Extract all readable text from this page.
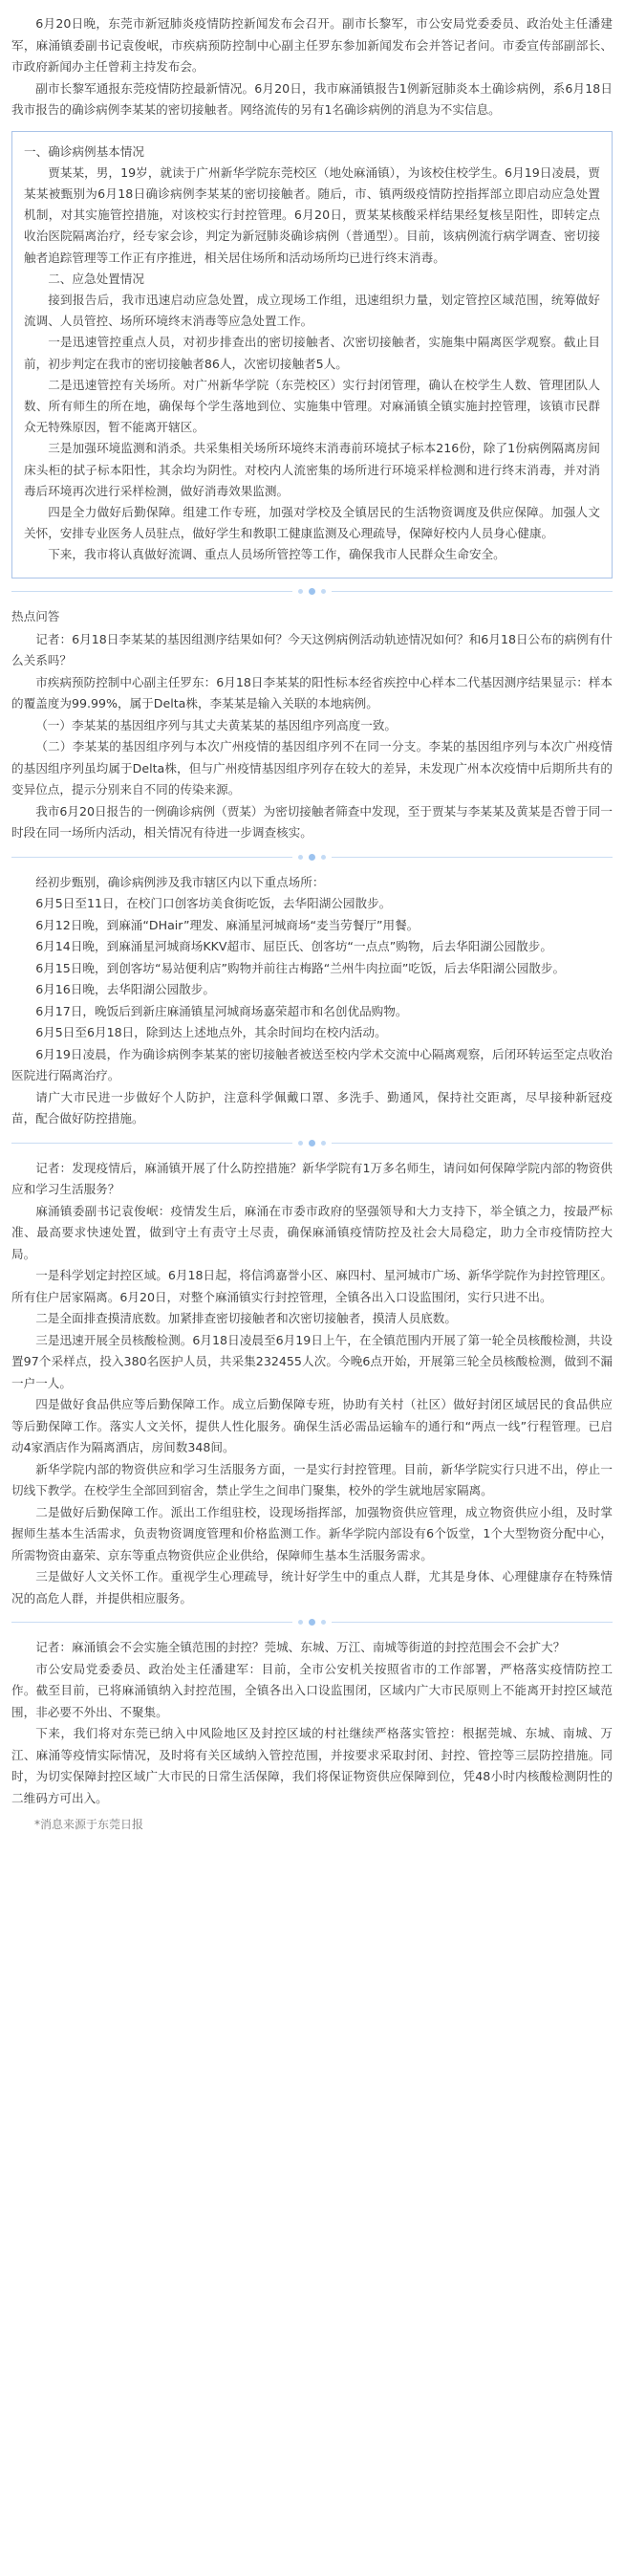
6月20日晚，东莞市新冠肺炎疫情防控新闻发布会召开。副市长黎军，市公安局党委委员、政治处主任潘建军，麻涌镇委副书记袁俊岷，市疾病预防控制中心副主任罗东参加新闻发布会并答记者问。市委宣传部副部长、市政府新闻办主任曾莉主持发布会。

副市长黎军通报东莞疫情防控最新情况。6月20日，我市麻涌镇报告1例新冠肺炎本土确诊病例，系6月18日我市报告的确诊病例李某某的密切接触者。网络流传的另有1名确诊病例的消息为不实信息。

一、确诊病例基本情况

贾某某，男，19岁，就读于广州新华学院东莞校区（地处麻涌镇），为该校住校学生。6月19日凌晨，贾某某被甄别为6月18日确诊病例李某某的密切接触者。随后，市、镇两级疫情防控指挥部立即启动应急处置机制，对其实施管控措施，对该校实行封控管理。6月20日，贾某某核酸采样结果经复核呈阳性，即转定点收治医院隔离治疗，经专家会诊，判定为新冠肺炎确诊病例（普通型）。目前，该病例流行病学调查、密切接触者追踪管理等工作正有序推进，相关居住场所和活动场所均已进行终末消毒。

二、应急处置情况

接到报告后，我市迅速启动应急处置，成立现场工作组，迅速组织力量，划定管控区域范围，统筹做好流调、人员管控、场所环境终末消毒等应急处置工作。

一是迅速管控重点人员，对初步排查出的密切接触者、次密切接触者，实施集中隔离医学观察。截止目前，初步判定在我市的密切接触者86人，次密切接触者5人。

二是迅速管控有关场所。对广州新华学院（东莞校区）实行封闭管理，确认在校学生人数、管理团队人数、所有师生的所在地，确保每个学生落地到位、实施集中管理。对麻涌镇全镇实施封控管理，该镇市民群众无特殊原因，暂不能离开辖区。

三是加强环境监测和消杀。共采集相关场所环境终末消毒前环境拭子标本216份，除了1份病例隔离房间床头柜的拭子标本阳性，其余均为阴性。对校内人流密集的场所进行环境采样检测和进行终末消毒，并对消毒后环境再次进行采样检测，做好消毒效果监测。

四是全力做好后勤保障。组建工作专班，加强对学校及全镇居民的生活物资调度及供应保障。加强人文关怀，安排专业医务人员驻点，做好学生和教职工健康监测及心理疏导，保障好校内人员身心健康。

下来，我市将认真做好流调、重点人员场所管控等工作，确保我市人民群众生命安全。

热点问答

记者：6月18日李某某的基因组测序结果如何？今天这例病例活动轨迹情况如何？和6月18日公布的病例有什么关系吗？

市疾病预防控制中心副主任罗东：6月18日李某某的阳性标本经省疾控中心样本二代基因测序结果显示：样本的覆盖度为99.99%，属于Delta株，李某某是输入关联的本地病例。

（一）李某某的基因组序列与其丈夫黄某某的基因组序列高度一致。

（二）李某某的基因组序列与本次广州疫情的基因组序列不在同一分支。李某的基因组序列与本次广州疫情的基因组序列虽均属于Delta株，但与广州疫情基因组序列存在较大的差异，未发现广州本次疫情中后期所共有的变异位点，提示分别来自不同的传染来源。

我市6月20日报告的一例确诊病例（贾某）为密切接触者筛查中发现，至于贾某与李某某及黄某是否曾于同一时段在同一场所内活动，相关情况有待进一步调查核实。

经初步甄别，确诊病例涉及我市辖区内以下重点场所：

6月5日至11日，在校门口创客坊美食街吃饭，去华阳湖公园散步。

6月12日晚，到麻涌“DHair”理发、麻涌星河城商场“麦当劳餐厅”用餐。

6月14日晚，到麻涌星河城商场KKV超市、屈臣氏、创客坊“一点点”购物，后去华阳湖公园散步。

6月15日晚，到创客坊“易站便利店”购物并前往古梅路“兰州牛肉拉面”吃饭，后去华阳湖公园散步。

6月16日晚，去华阳湖公园散步。

6月17日，晚饭后到新庄麻涌镇星河城商场嘉荣超市和名创优品购物。

6月5日至6月18日，除到达上述地点外，其余时间均在校内活动。

6月19日凌晨，作为确诊病例李某某的密切接触者被送至校内学术交流中心隔离观察，后闭环转运至定点收治医院进行隔离治疗。

请广大市民进一步做好个人防护，注意科学佩戴口罩、多洗手、勤通风，保持社交距离，尽早接种新冠疫苗，配合做好防控措施。

记者：发现疫情后，麻涌镇开展了什么防控措施？新华学院有1万多名师生，请问如何保障学院内部的物资供应和学习生活服务？

麻涌镇委副书记袁俊岷：疫情发生后，麻涌在市委市政府的坚强领导和大力支持下，举全镇之力，按最严标准、最高要求快速处置，做到守土有责守土尽责，确保麻涌镇疫情防控及社会大局稳定，助力全市疫情防控大局。

一是科学划定封控区域。6月18日起，将信鸿嘉誉小区、麻四村、星河城市广场、新华学院作为封控管理区。所有住户居家隔离。6月20日，对整个麻涌镇实行封控管理，全镇各出入口设监围闭，实行只进不出。

二是全面排查摸清底数。加紧排查密切接触者和次密切接触者，摸清人员底数。

三是迅速开展全员核酸检测。6月18日凌晨至6月19日上午，在全镇范围内开展了第一轮全员核酸检测，共设置97个采样点，投入380名医护人员，共采集232455人次。今晚6点开始，开展第三轮全员核酸检测，做到不漏一户一人。

四是做好食品供应等后勤保障工作。成立后勤保障专班，协助有关村（社区）做好封闭区域居民的食品供应等后勤保障工作。落实人文关怀，提供人性化服务。确保生活必需品运输车的通行和“两点一线”行程管理。已启动4家酒店作为隔离酒店，房间数348间。

新华学院内部的物资供应和学习生活服务方面，一是实行封控管理。目前，新华学院实行只进不出，停止一切线下教学。在校学生全部回到宿舍，禁止学生之间串门聚集，校外的学生就地居家隔离。

二是做好后勤保障工作。派出工作组驻校，设现场指挥部，加强物资供应管理，成立物资供应小组，及时掌握师生基本生活需求，负责物资调度管理和价格监测工作。新华学院内部设有6个饭堂，1个大型物资分配中心，所需物资由嘉荣、京东等重点物资供应企业供给，保障师生基本生活服务需求。

三是做好人文关怀工作。重视学生心理疏导，统计好学生中的重点人群，尤其是身体、心理健康存在特殊情况的高危人群，并提供相应服务。

记者：麻涌镇会不会实施全镇范围的封控？莞城、东城、万江、南城等街道的封控范围会不会扩大？

市公安局党委委员、政治处主任潘建军：目前，全市公安机关按照省市的工作部署，严格落实疫情防控工作。截至目前，已将麻涌镇纳入封控范围，全镇各出入口设监围闭，区域内广大市民原则上不能离开封控区域范围，非必要不外出、不聚集。

下来，我们将对东莞已纳入中风险地区及封控区域的村社继续严格落实管控：根据莞城、东城、南城、万江、麻涌等疫情实际情况，及时将有关区域纳入管控范围，并按要求采取封闭、封控、管控等三层防控措施。同时，为切实保障封控区域广大市民的日常生活保障，我们将保证物资供应保障到位，凭48小时内核酸检测阴性的二维码方可出入。

*消息来源于东莞日报
